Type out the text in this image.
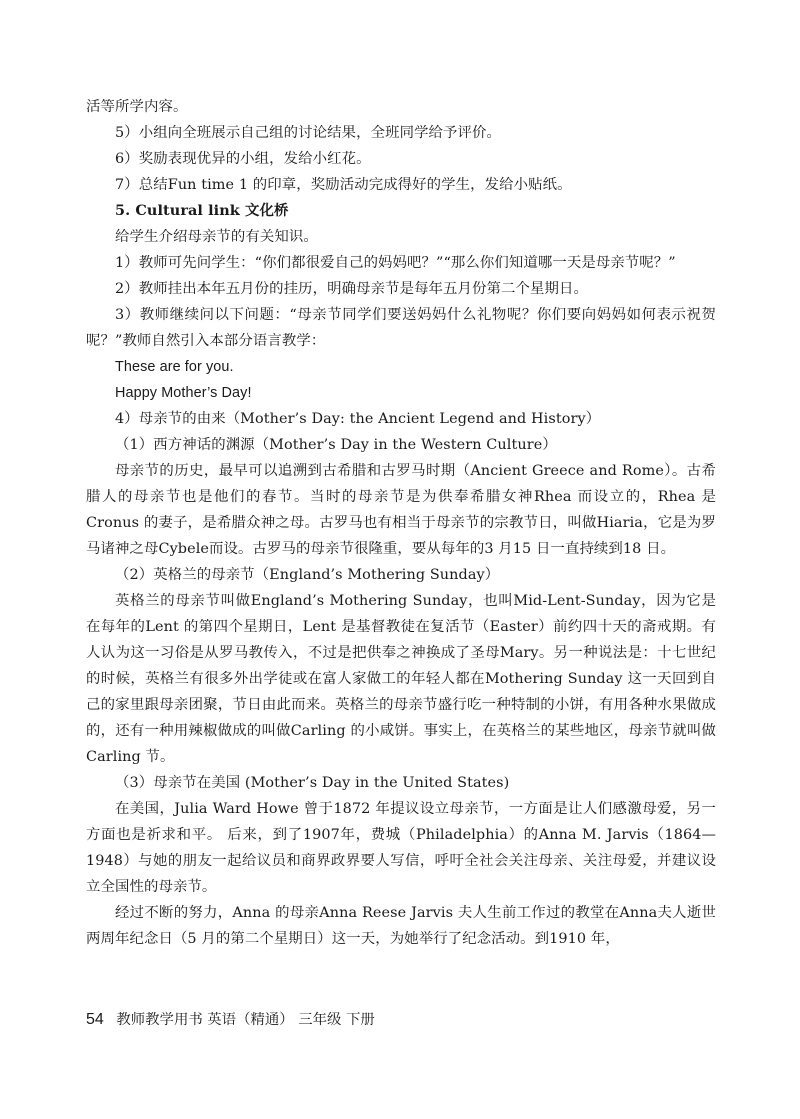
活等所学内容。

5）小组向全班展示自己组的讨论结果，全班同学给予评价。

6）奖励表现优异的小组，发给小红花。

7）总结Fun time 1 的印章，奖励活动完成得好的学生，发给小贴纸。

5. Cultural link 文化桥

给学生介绍母亲节的有关知识。

1）教师可先问学生：“你们都很爱自己的妈妈吧？”“那么你们知道哪一天是母亲节呢？”

2）教师挂出本年五月份的挂历，明确母亲节是每年五月份第二个星期日。

3）教师继续问以下问题：“母亲节同学们要送妈妈什么礼物呢？你们要向妈妈如何表示祝贺呢？”教师自然引入本部分语言教学：

These are for you.

Happy Mother’s Day!

4）母亲节的由来（Mother’s Day: the Ancient Legend and History）

（1）西方神话的渊源（Mother’s Day in the Western Culture）

母亲节的历史，最早可以追溯到古希腊和古罗马时期（Ancient Greece and Rome）。古希腊人的母亲节也是他们的春节。当时的母亲节是为供奉希腊女神Rhea 而设立的，Rhea 是Cronus 的妻子，是希腊众神之母。古罗马也有相当于母亲节的宗教节日，叫做Hiaria，它是为罗马诸神之母Cybele而设。古罗马的母亲节很隆重，要从每年的3 月15 日一直持续到18 日。

（2）英格兰的母亲节（England’s Mothering Sunday）

英格兰的母亲节叫做England’s Mothering Sunday，也叫Mid-Lent-Sunday，因为它是在每年的Lent 的第四个星期日，Lent 是基督教徒在复活节（Easter）前约四十天的斋戒期。有人认为这一习俗是从罗马教传入，不过是把供奉之神换成了圣母Mary。另一种说法是：十七世纪的时候，英格兰有很多外出学徒或在富人家做工的年轻人都在Mothering Sunday 这一天回到自己的家里跟母亲团聚，节日由此而来。英格兰的母亲节盛行吃一种特制的小饼，有用各种水果做成的，还有一种用辣椒做成的叫做Carling 的小咸饼。事实上，在英格兰的某些地区，母亲节就叫做Carling 节。

（3）母亲节在美国 (Mother’s Day in the United States)

在美国，Julia Ward Howe 曾于1872 年提议设立母亲节，一方面是让人们感激母爱，另一方面也是祈求和平。 后来，到了1907年，费城（Philadelphia）的Anna M. Jarvis（1864—1948）与她的朋友一起给议员和商界政界要人写信，呼吁全社会关注母亲、关注母爱，并建议设立全国性的母亲节。

经过不断的努力，Anna 的母亲Anna Reese Jarvis 夫人生前工作过的教堂在Anna夫人逝世两周年纪念日（5 月的第二个星期日）这一天，为她举行了纪念活动。到1910 年，

54 教师教学用书 英语（精通） 三年级 下册
